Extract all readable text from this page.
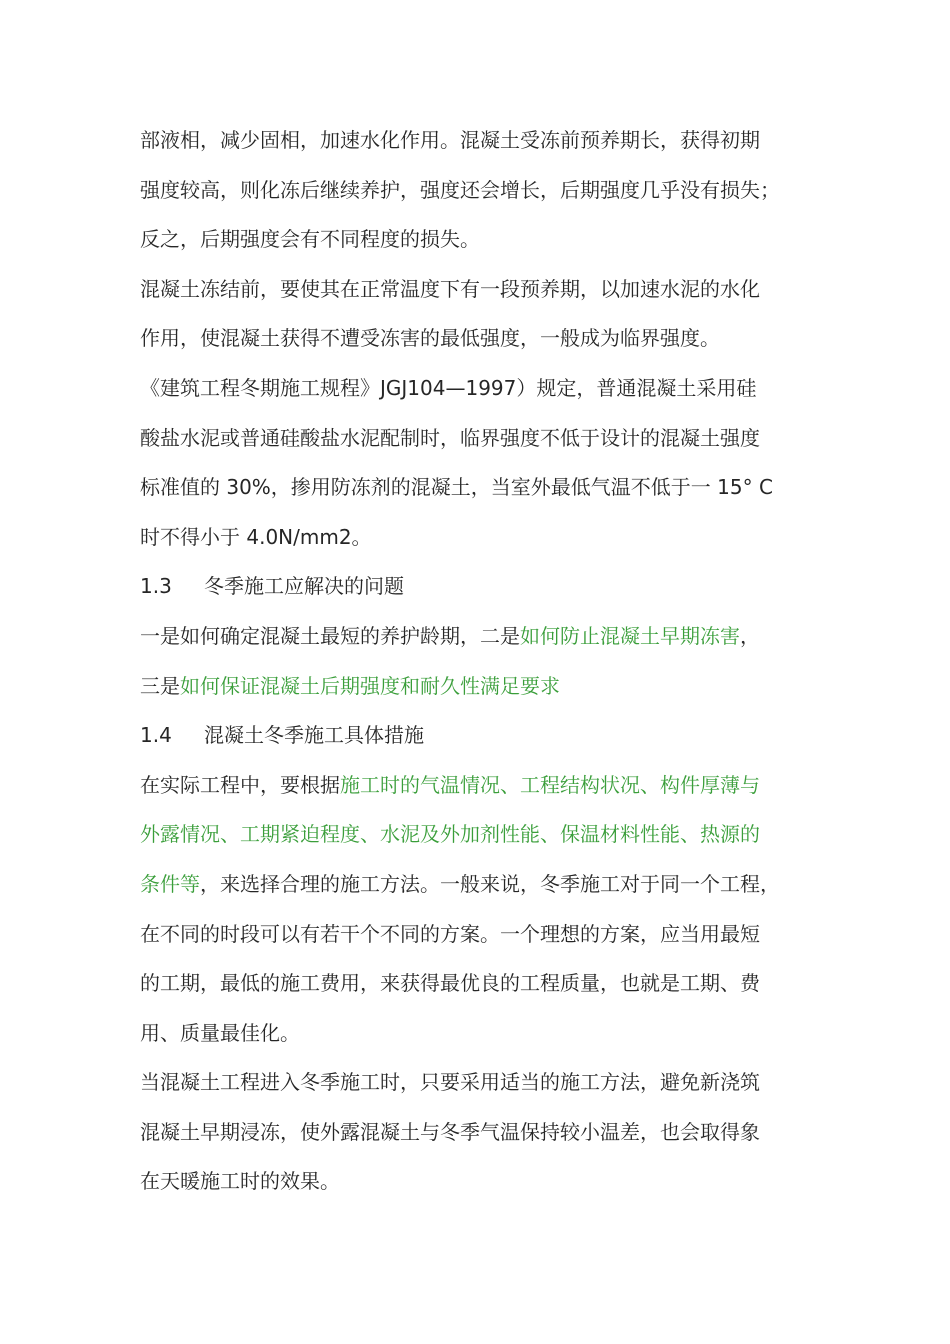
部液相，减少固相，加速水化作用。混凝土受冻前预养期长，获得初期
强度较高，则化冻后继续养护，强度还会增长，后期强度几乎没有损失；
反之，后期强度会有不同程度的损失。
混凝土冻结前，要使其在正常温度下有一段预养期，以加速水泥的水化
作用，使混凝土获得不遭受冻害的最低强度，一般成为临界强度。
《建筑工程冬期施工规程》JGJ104—1997）规定，普通混凝土采用硅
酸盐水泥或普通硅酸盐水泥配制时，临界强度不低于设计的混凝土强度
标准值的 30%，掺用防冻剂的混凝土，当室外最低气温不低于一 15° C
时不得小于 4.0N/mm2。
1.3 冬季施工应解决的问题
一是如何确定混凝土最短的养护龄期，二是如何防止混凝土早期冻害，
三是如何保证混凝土后期强度和耐久性满足要求
1.4 混凝土冬季施工具体措施
在实际工程中，要根据施工时的气温情况、工程结构状况、构件厚薄与
外露情况、工期紧迫程度、水泥及外加剂性能、保温材料性能、热源的
条件等，来选择合理的施工方法。一般来说，冬季施工对于同一个工程，
在不同的时段可以有若干个不同的方案。一个理想的方案，应当用最短
的工期，最低的施工费用，来获得最优良的工程质量，也就是工期、费
用、质量最佳化。
当混凝土工程进入冬季施工时，只要采用适当的施工方法，避免新浇筑
混凝土早期浸冻，使外露混凝土与冬季气温保持较小温差，也会取得象
在天暖施工时的效果。
